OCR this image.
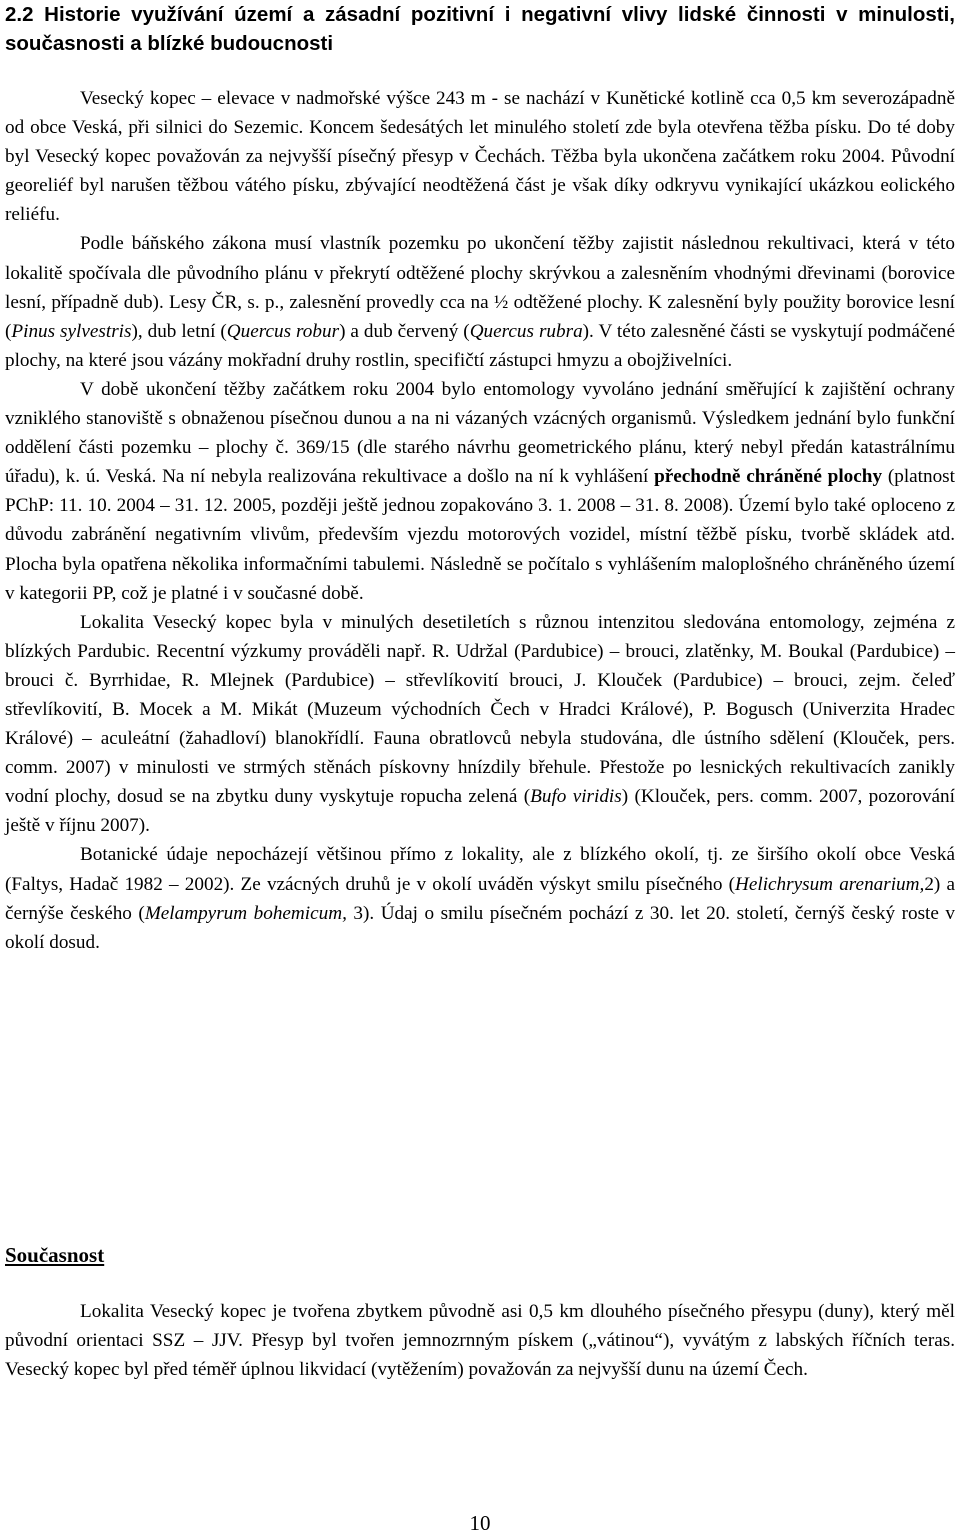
2.2 Historie využívání území a zásadní pozitivní i negativní vlivy lidské činnosti v minulosti, současnosti a blízké budoucnosti

Vesecký kopec – elevace v nadmořské výšce 243 m - se nachází v Kunětické kotlině cca 0,5 km severozápadně od obce Veská, při silnici do Sezemic. Koncem šedesátých let minulého století zde byla otevřena těžba písku. Do té doby byl Vesecký kopec považován za nejvyšší písečný přesyp v Čechách. Těžba byla ukončena začátkem roku 2004. Původní georeliéf byl narušen těžbou vátého písku, zbývající neodtěžená část je však díky odkryvu vynikající ukázkou eolického reliéfu.

Podle báňského zákona musí vlastník pozemku po ukončení těžby zajistit následnou rekultivaci, která v této lokalitě spočívala dle původního plánu v překrytí odtěžené plochy skrývkou a zalesněním vhodnými dřevinami (borovice lesní, případně dub). Lesy ČR, s. p., zalesnění provedly cca na ½ odtěžené plochy. K zalesnění byly použity borovice lesní (Pinus sylvestris), dub letní (Quercus robur) a dub červený (Quercus rubra). V této zalesněné části se vyskytují podmáčené plochy, na které jsou vázány mokřadní druhy rostlin, specifičtí zástupci hmyzu a obojživelníci.

V době ukončení těžby začátkem roku 2004 bylo entomology vyvoláno jednání směřující k zajištění ochrany vzniklého stanoviště s obnaženou písečnou dunou a na ni vázaných vzácných organismů. Výsledkem jednání bylo funkční oddělení části pozemku – plochy č. 369/15 (dle starého návrhu geometrického plánu, který nebyl předán katastrálnímu úřadu), k. ú. Veská. Na ní nebyla realizována rekultivace a došlo na ní k vyhlášení přechodně chráněné plochy (platnost PChP: 11. 10. 2004 – 31. 12. 2005, později ještě jednou zopakováno 3. 1. 2008 – 31. 8. 2008). Území bylo také oploceno z důvodu zabránění negativním vlivům, především vjezdu motorových vozidel, místní těžbě písku, tvorbě skládek atd. Plocha byla opatřena několika informačními tabulemi. Následně se počítalo s vyhlášením maloplošného chráněného území v kategorii PP, což je platné i v současné době.

Lokalita Vesecký kopec byla v minulých desetiletích s různou intenzitou sledována entomology, zejména z blízkých Pardubic. Recentní výzkumy prováděli např. R. Udržal (Pardubice) – brouci, zlatěnky, M. Boukal (Pardubice) – brouci č. Byrrhidae, R. Mlejnek (Pardubice) – střevlíkovití brouci, J. Klouček (Pardubice) – brouci, zejm. čeleď střevlíkovití, B. Mocek a M. Mikát (Muzeum východních Čech v Hradci Králové), P. Bogusch (Univerzita Hradec Králové) – aculeátní (žahadloví) blanokřídlí. Fauna obratlovců nebyla studována, dle ústního sdělení (Klouček, pers. comm. 2007) v minulosti ve strmých stěnách pískovny hnízdily břehule. Přestože po lesnických rekultivacích zanikly vodní plochy, dosud se na zbytku duny vyskytuje ropucha zelená (Bufo viridis) (Klouček, pers. comm. 2007, pozorování ještě v říjnu 2007).

Botanické údaje nepocházejí většinou přímo z lokality, ale z blízkého okolí, tj. ze širšího okolí obce Veská (Faltys, Hadač 1982 – 2002). Ze vzácných druhů je v okolí uváděn výskyt smilu písečného (Helichrysum arenarium,2) a černýše českého (Melampyrum bohemicum, 3). Údaj o smilu písečném pochází z 30. let 20. století, černýš český roste v okolí dosud.

Současnost

Lokalita Vesecký kopec je tvořena zbytkem původně asi 0,5 km dlouhého písečného přesypu (duny), který měl původní orientaci SSZ – JJV. Přesyp byl tvořen jemnozrnným pískem („vátinou“), vyvátým z labských říčních teras. Vesecký kopec byl před téměř úplnou likvidací (vytěžením) považován za nejvyšší dunu na území Čech.

10
